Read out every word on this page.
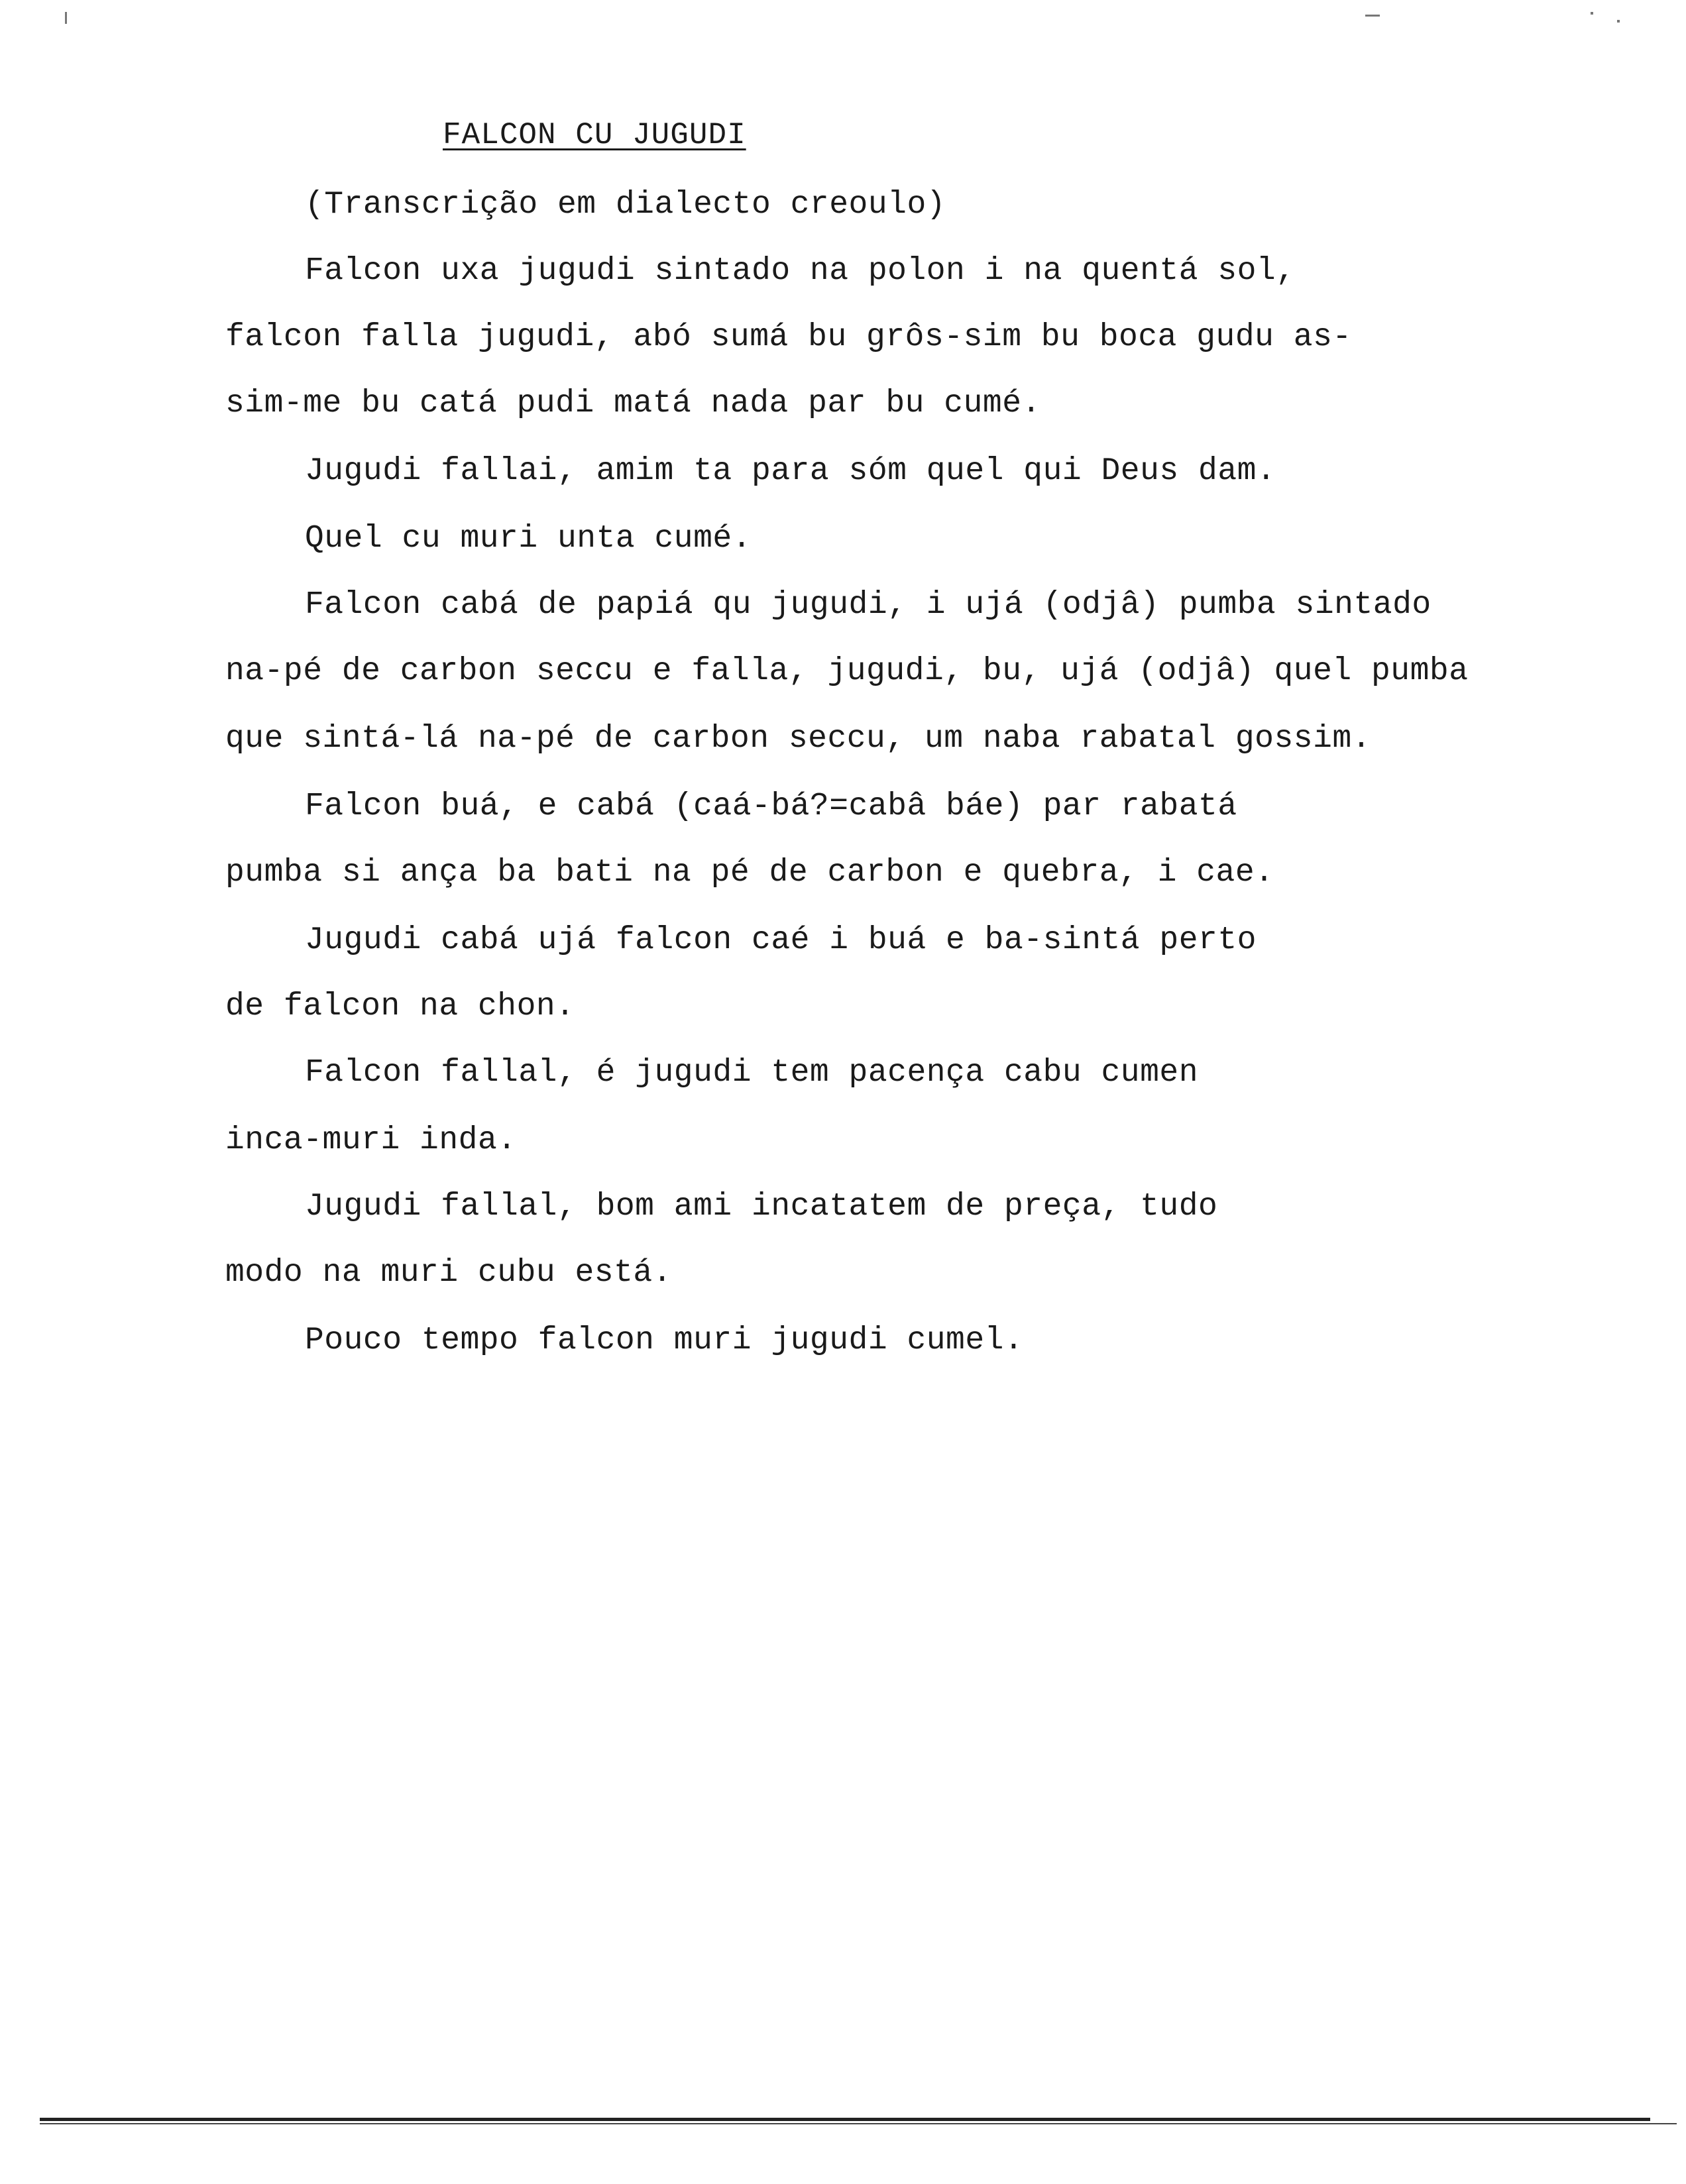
FALCON CU JUGUDI
(Transcrição em dialecto creoulo)
Falcon uxa jugudi sintado na polon i na quentá sol,
falcon falla jugudi, abó sumá bu grôs-sim bu boca gudu as-
sim-me bu catá pudi matá nada par bu cumé.
Jugudi fallai, amim ta para sóm quel qui Deus dam.
Quel cu muri unta cumé.
Falcon cabá de papiá qu jugudi, i ujá (odjâ) pumba sintado
na-pé de carbon seccu e falla, jugudi, bu, ujá (odjâ) quel pumba
que sintá-lá na-pé de carbon seccu, um naba rabatal gossim.
Falcon buá, e cabá (caá-bá?=cabâ báe) par rabatá
pumba si ança ba bati na pé de carbon e quebra, i cae.
Jugudi cabá ujá falcon caé i buá e ba-sintá perto
de falcon na chon.
Falcon fallal, é jugudi tem pacença cabu cumen
inca-muri inda.
Jugudi fallal, bom ami incatatem de preça, tudo
modo na muri cubu está.
Pouco tempo falcon muri jugudi cumel.
